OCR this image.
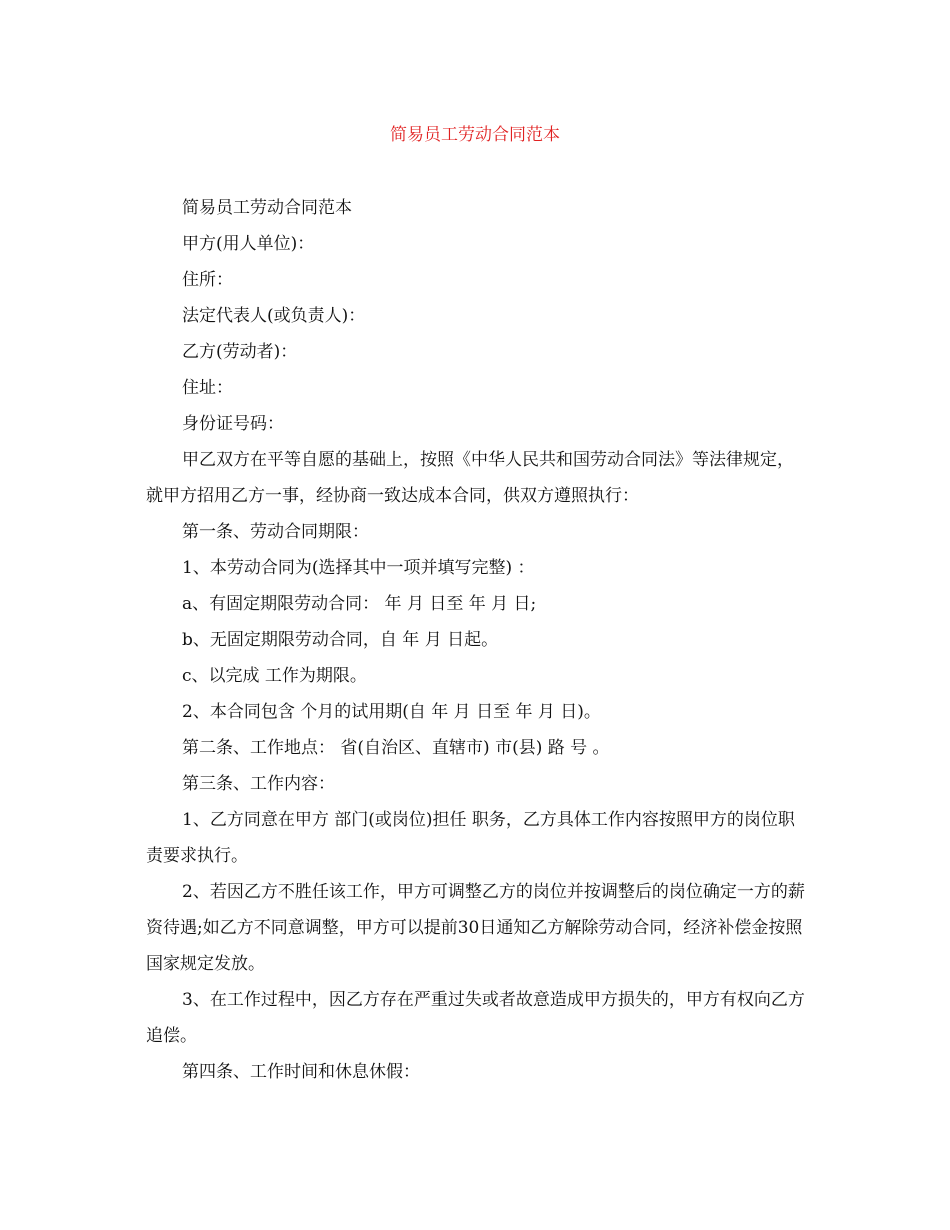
简易员工劳动合同范本

简易员工劳动合同范本

甲方(用人单位)：

住所：

法定代表人(或负责人)：

乙方(劳动者)：

住址：

身份证号码：

甲乙双方在平等自愿的基础上，按照《中华人民共和国劳动合同法》等法律规定，就甲方招用乙方一事，经协商一致达成本合同，供双方遵照执行：

第一条、劳动合同期限：

1、本劳动合同为(选择其中一项并填写完整) ：

a、有固定期限劳动合同： 年 月 日至 年 月 日;

b、无固定期限劳动合同，自 年 月 日起。

c、以完成 工作为期限。

2、本合同包含 个月的试用期(自 年 月 日至 年 月 日)。

第二条、工作地点： 省(自治区、直辖市) 市(县) 路 号 。

第三条、工作内容：

1、乙方同意在甲方 部门(或岗位)担任 职务，乙方具体工作内容按照甲方的岗位职责要求执行。

2、若因乙方不胜任该工作，甲方可调整乙方的岗位并按调整后的岗位确定一方的薪资待遇;如乙方不同意调整，甲方可以提前30日通知乙方解除劳动合同，经济补偿金按照国家规定发放。

3、在工作过程中，因乙方存在严重过失或者故意造成甲方损失的，甲方有权向乙方追偿。

第四条、工作时间和休息休假：
